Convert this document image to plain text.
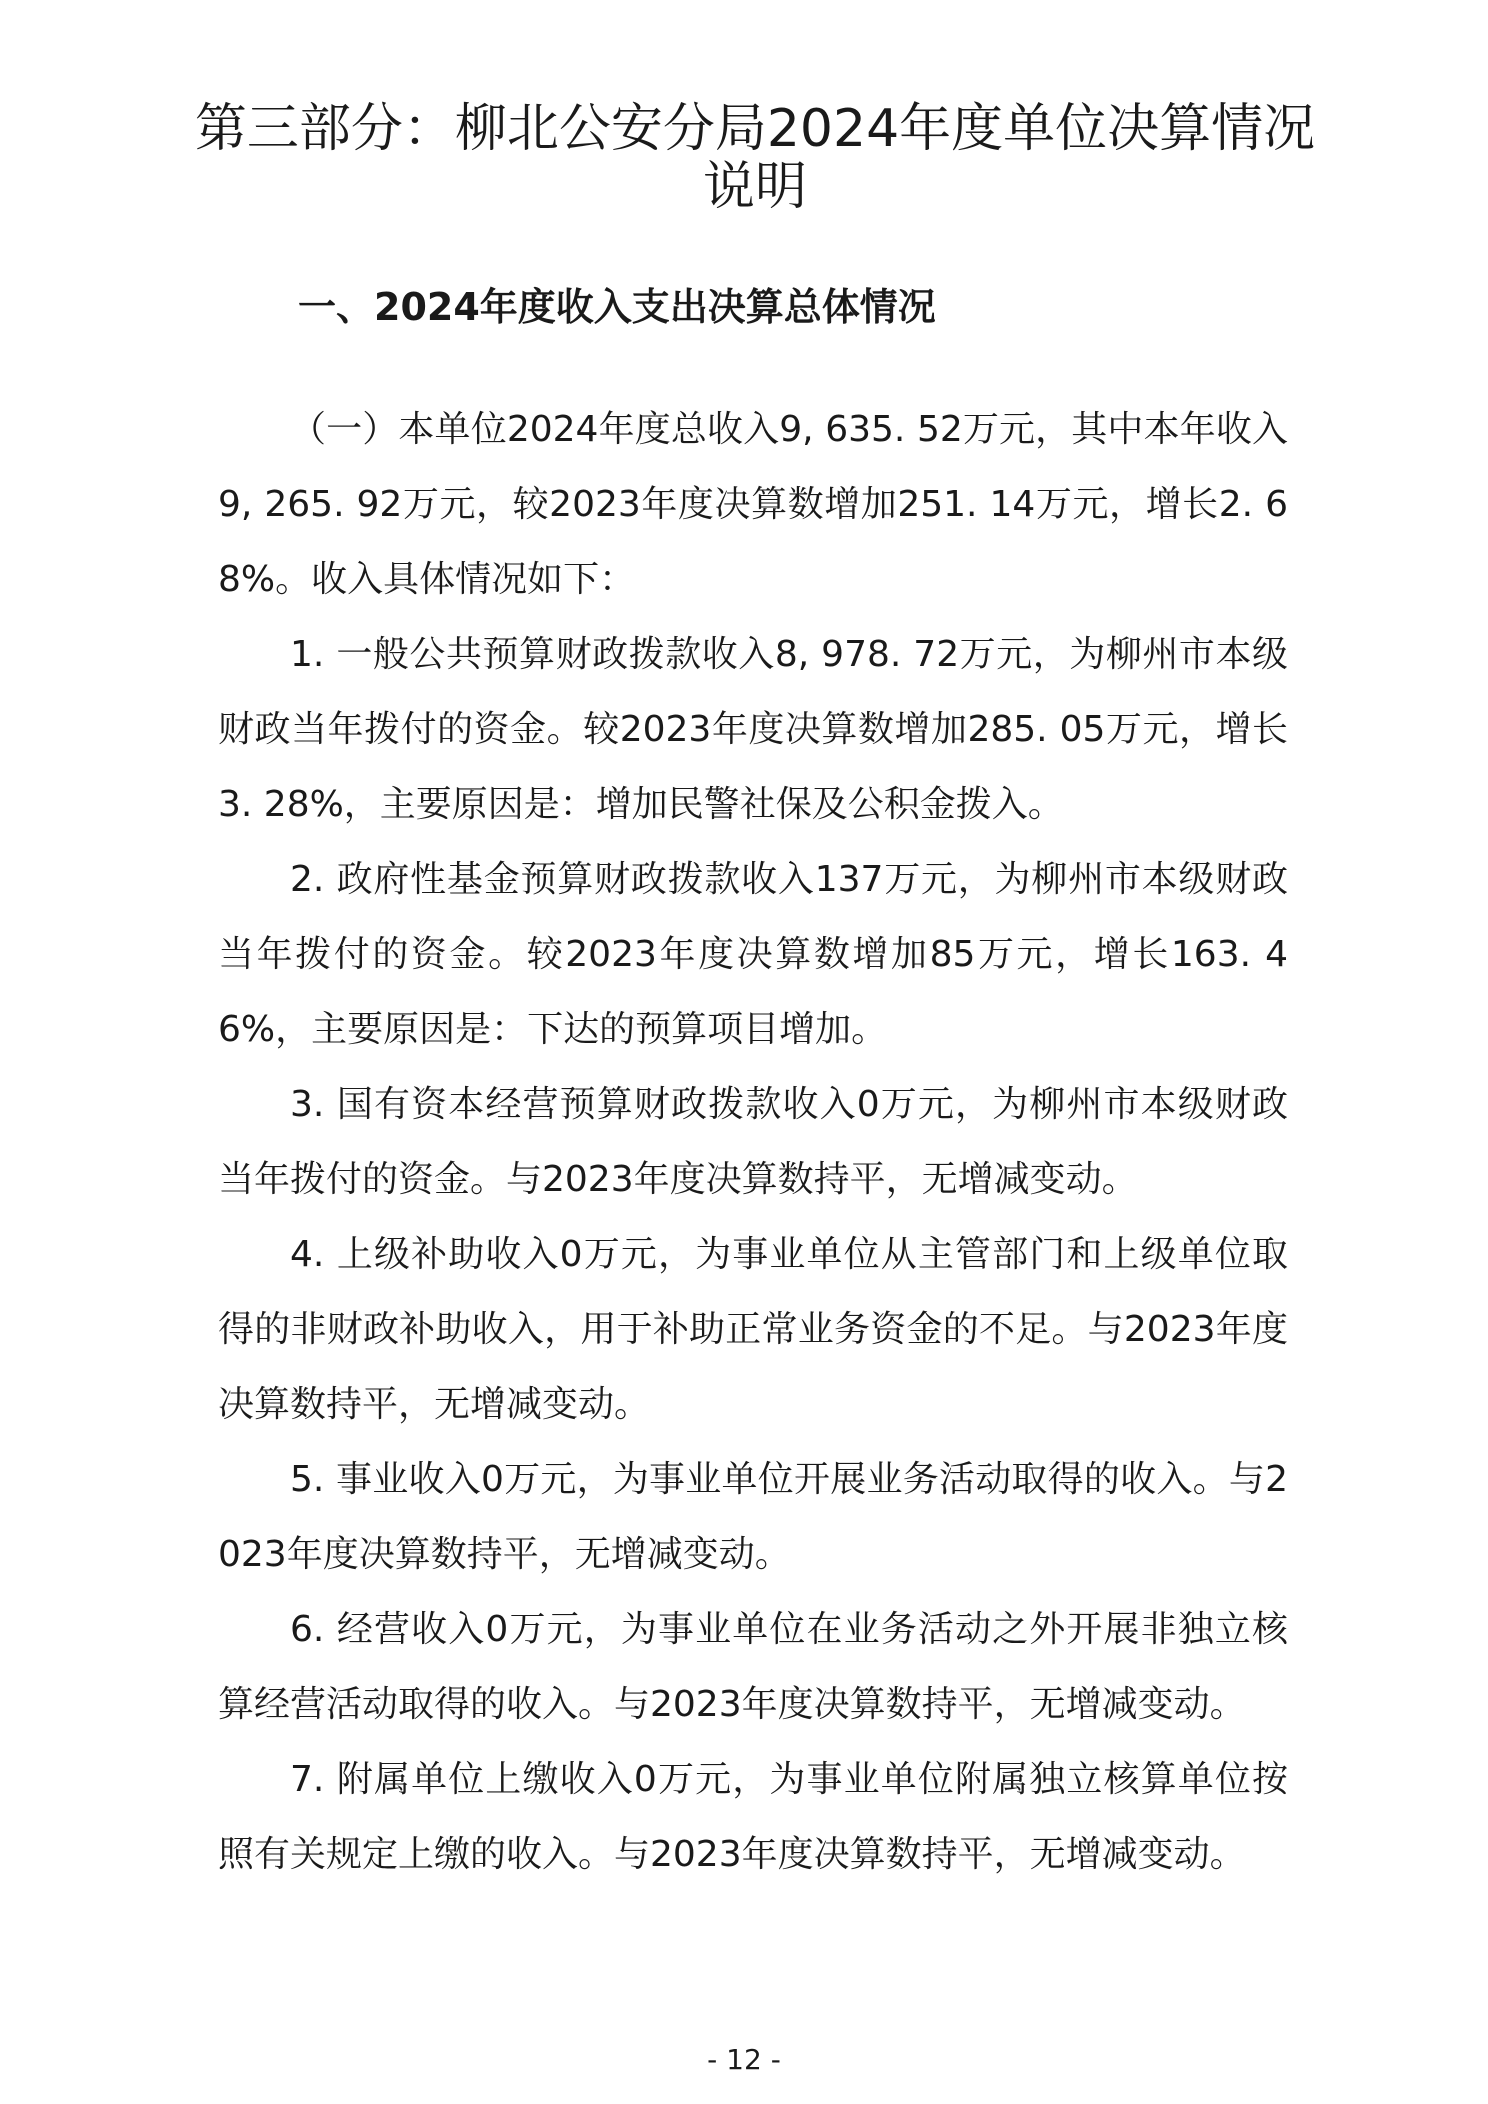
第三部分：柳北公安分局2024年度单位决算情况说明
一、2024年度收入支出决算总体情况

（一）本单位2024年度总收入9, 635. 52万元，其中本年收入9, 265. 92万元，较2023年度决算数增加251. 14万元，增长2. 68%。收入具体情况如下：

1. 一般公共预算财政拨款收入8, 978. 72万元，为柳州市本级财政当年拨付的资金。较2023年度决算数增加285. 05万元，增长3. 28%，主要原因是：增加民警社保及公积金拨入。

2. 政府性基金预算财政拨款收入137万元，为柳州市本级财政当年拨付的资金。较2023年度决算数增加85万元，增长163. 46%，主要原因是：下达的预算项目增加。

3. 国有资本经营预算财政拨款收入0万元，为柳州市本级财政当年拨付的资金。与2023年度决算数持平，无增减变动。

4. 上级补助收入0万元，为事业单位从主管部门和上级单位取得的非财政补助收入，用于补助正常业务资金的不足。与2023年度决算数持平，无增减变动。

5. 事业收入0万元，为事业单位开展业务活动取得的收入。与2023年度决算数持平，无增减变动。

6. 经营收入0万元，为事业单位在业务活动之外开展非独立核算经营活动取得的收入。与2023年度决算数持平，无增减变动。

7. 附属单位上缴收入0万元，为事业单位附属独立核算单位按照有关规定上缴的收入。与2023年度决算数持平，无增减变动。

- 12 -
